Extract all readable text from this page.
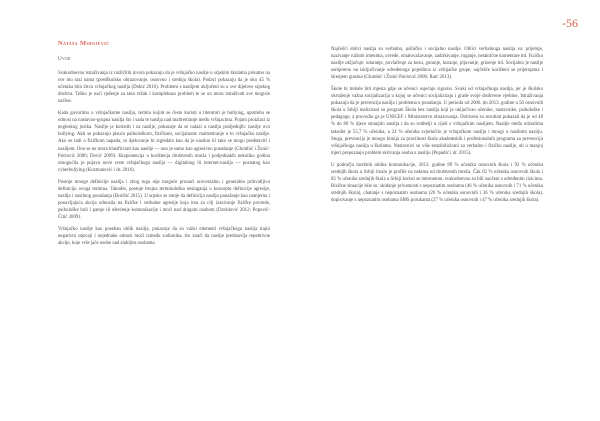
-56
Nataša Mihojević
Uvod

Svakodnevna istraživanja iz različitih izvora pokazuju da je vršnjačko nasilje u srpskim školama prisutno na sve mu razi nama (predškolsko obrazovanje, osnovno i srednja škola). Podaci pokazuju da je oko 45 % učenika bilo žrtva vršnjačkog nasilja (Dokić 2016). Problemi s nasiljem uključeni su u sve dijelove srpskog društva. Teško je naći rješenje za tako težak i kompleksan problem te se on mora istraživati sve moguće načine.

Kada govorimo o vršnjačkome nasilju, termin kojim se često koristi u literaturi je bullying, upotrebu se odnosi na nastavno-grupna nasilja što i sada te nasilja nad maltretiranje među vršnjacima. Pojam proizlazi iz engleskog jezika. Nasilje je koristiti i za nasilje, pokazuje da se nalazi u nasilju posljednjih: nasilje ovo bullying. Akti se pokazuju pisuću psihološkom, fizičkom, socijalnom: maltretiranje u to vršnjačko nasilje. Ako se radi o fizičkom napadu, to djelovanje bi izgledalo kao da je nasilno ili tako se mogu predstaviti i nasiljem. Ono se ne mora klasificirati kao nasilje — ono je samo kao agresivno ponašanje (Glumbić i Žunić-Pavlović 2006; Dović 2009). Eksponencija u korištenju društvenih mreža i podjednakih nekoliko godina omogućila je pojavu nove vrste vršnjačkoga nasilja — digitalnog ili internet-nasilja — poznatog kao cyberbullying (Kuzmanović i dr. 2016).

Postoje mnoge definicije nasilja i zbog toga nije moguće pronaći univerzalnu i generalnu prihvatljivu definiciju ovoga termina. Također, postoje brojna terminološka neslaganja u konceptu definicije agresije, nasilja i nasilnog ponašanja (Đurišić 2015). U srpsko se smije da definicija nasilja ponašanje kao namjerna i ponavljajuća akcija odnosila na fizičke i verbalne agresije koja ima za cilj izazivanje fizičke povrede, psihološke boli i patnje ili oštećenje komunikacije i moći nad drugom osobom (Davidović 2012; Popović-Ćitić 2009).

Vršnjačko nasilje kao poseban oblik nasilja, pokazuje da su važni elementi vršnjačkoga nasilja trajni negativni utjecaji i nejednake odnosi moći između sudionika, što znači da nasilje predstavlja repetitivne akcije, koje vrše jače osobe nad slabijim osobama.

Najčešći oblici nasilja su verbalno, psihičko i socijalno nasilje. Oblici verbalnoga nasilja su: prijetnje, nazivanje ružnim imenima, uvrede, omalovažavanje, zadirkivanje, ruganje, netaktične komentare itd. Fizičko nasilje uključuje: udaranje, povlačenje za kosu, guranje, kuranje, pljuvanje, grizenje itd. Socijalno je nasilje usmjereno na isključivanje određenoga pojedinca iz vršnjačke grupe, najčešće korišteni se prijetnjama i širenjem glasina (Glumbić i Žunić-Pavlović 2006; Raić 2013).

Škole bi trebale biti mjesta gdje se učenici osjećaju sigurno. Svaki od vršnjačkoga nasilja, jer je školsko okruženje važna socijalizacija u kojoj se učenici socijaliziraju i grade svoje društvene vještine. Istraživanja pokazuju da je prevencija nasilja i problema u ponašanju. U periodu od 2006. do 2013. godine u 50 osnovnih škola u Srbiji realizirani su program Škola bez nasilja koji je uključivao učenike, nastavnike, psihološke i pedagoge, a provodio ga je UNICEF i Ministarstvo obrazovanja. Dobiveni su rezultati pokazali da je od 48 % do 80 % djece smanjilo nasilja i da su roditelji u cijeli s vršnjačkim nasiljem. Nasilje među odraslima također je 55,7 % učenika, a 24 % učenika svjedočilo je vršnjačkom nasilju i mnogi o nasilnim nasilju. Stoga, prevencija je mnogo bitnija za pravilnost škole akademskih i profesionalnih programa za prevenciju vršnjačkoga nasilja u školama. Nastavnici su više senzibilizirani za verbalno i fizičko nasilje, ali u manjoj mjeri prepoznaju problem skrivanja osoba u nasilju (Popadić i dr. 2015).

U području mrežnih oblika komunikacije, 2013. godine 89 % učenika osnovnih škola i 92 % učenika srednjih škola u Srbiji imalo je profile na nekima od društvenih mreža. Čak 62 % učenika osnovnih škola i 82 % učenika srednjih škola u Srbiji koristi se internetom, svakodnevno su bili suočeni s određenim rizicima. Rizične situacije bile su: skidanje privatnosti s nepoznatim osobama (46 % učenika osnovnih i 71 % učenika srednjih škola), chatanje s nepoznatim osobama (26 % učenika osnovnih i 36 % učenika srednjih škola), dopisivanje s nepoznatim osobama SMS porukama (27 % učenika osnovnih i 47 % učenika srednjih škola).
